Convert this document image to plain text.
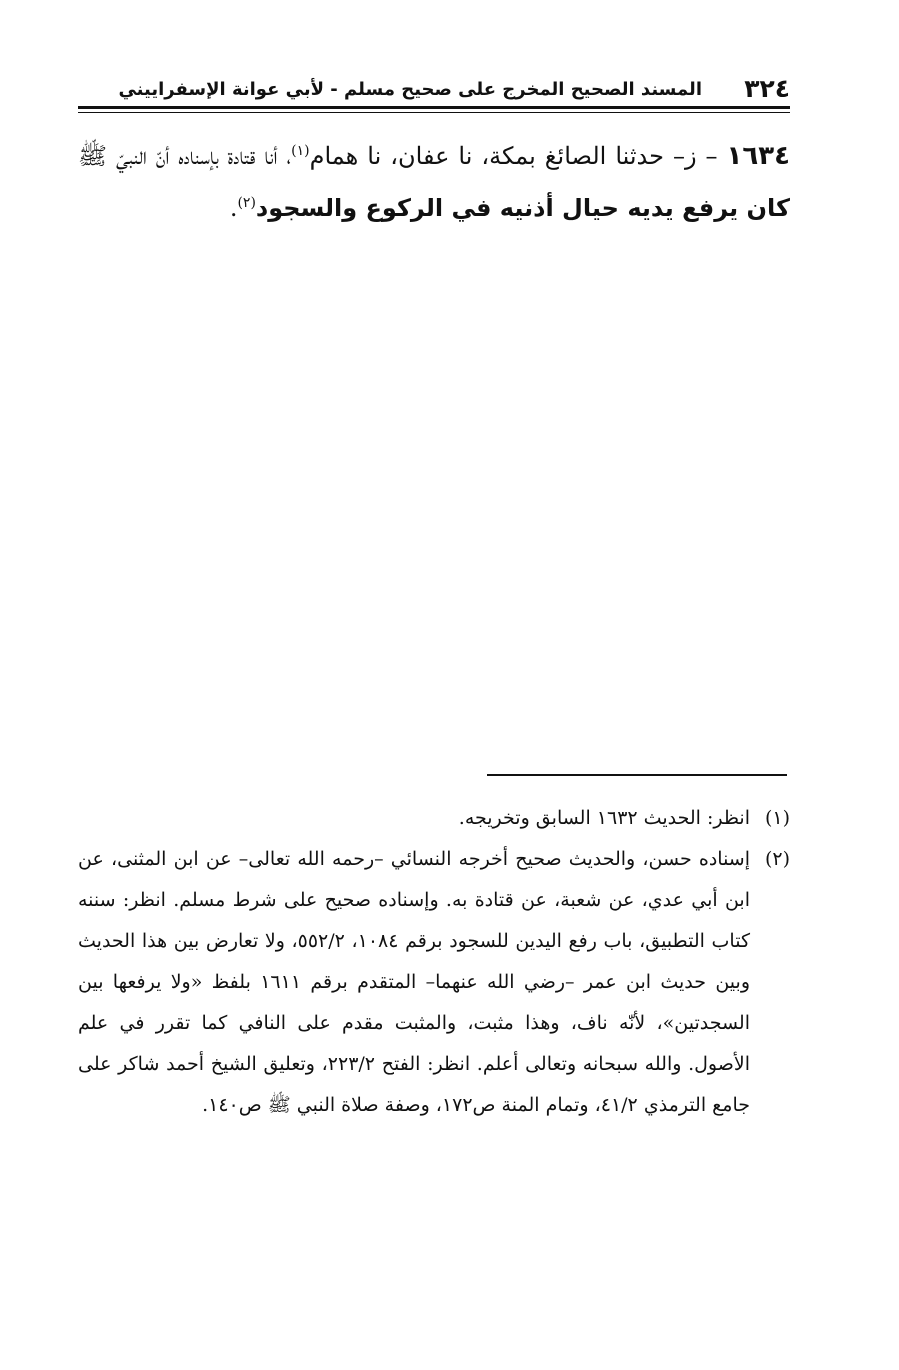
٣٢٤
المسند الصحيح المخرج على صحيح مسلم - لأبي عوانة الإسفراييني
١٦٣٤ – ز– حدثنا الصائغ بمكة، نا عفان، نا همام$^{(١)}$، أنا قتادة بإسناده أنّ النبيّ ﷺ كان يرفع يديه حيال أذنيه في الركوع والسجود$^{(٢)}$.
(١)
انظر: الحديث ١٦٣٢ السابق وتخريجه.
(٢)
إسناده حسن، والحديث صحيح أخرجه النسائي –رحمه الله تعالى– عن ابن المثنى، عن ابن أبي عدي، عن شعبة، عن قتادة به. وإسناده صحيح على شرط مسلم. انظر: سننه كتاب التطبيق، باب رفع اليدين للسجود برقم ١٠٨٤، ٥٥٢/٢، ولا تعارض بين هذا الحديث وبين حديث ابن عمر –رضي الله عنهما– المتقدم برقم ١٦١١ بلفظ «ولا يرفعها بين السجدتين»، لأنّه ناف، وهذا مثبت، والمثبت مقدم على النافي كما تقرر في علم الأصول. والله سبحانه وتعالى أعلم. انظر: الفتح ٢٢٣/٢، وتعليق الشيخ أحمد شاكر على جامع الترمذي ٤١/٢، وتمام المنة ص١٧٢، وصفة صلاة النبي ﷺ ص١٤٠.
